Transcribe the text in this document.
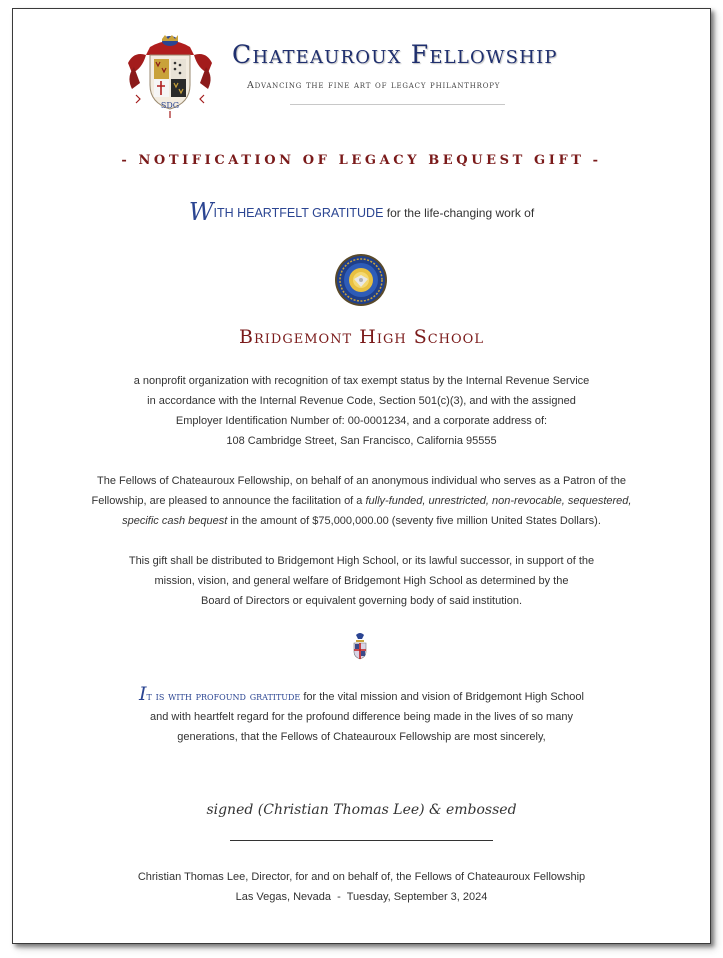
SDG
Chateauroux Fellowship
Advancing the fine art of legacy philanthropy
- NOTIFICATION OF LEGACY BEQUEST GIFT -
WITH HEARTFELT GRATITUDE for the life-changing work of
Bridgemont High School
a nonprofit organization with recognition of tax exempt status by the Internal Revenue Service
in accordance with the Internal Revenue Code, Section 501(c)(3), and with the assigned
Employer Identification Number of: 00-0001234, and a corporate address of:
108 Cambridge Street, San Francisco, California 95555
The Fellows of Chateauroux Fellowship, on behalf of an anonymous individual who serves as a Patron of the
Fellowship, are pleased to announce the facilitation of a fully-funded, unrestricted, non-revocable, sequestered,
specific cash bequest in the amount of $75,000,000.00 (seventy five million United States Dollars).
This gift shall be distributed to Bridgemont High School, or its lawful successor, in support of the
mission, vision, and general welfare of Bridgemont High School as determined by the
Board of Directors or equivalent governing body of said institution.
It is with profound gratitude for the vital mission and vision of Bridgemont High School
and with heartfelt regard for the profound difference being made in the lives of so many
generations, that the Fellows of Chateauroux Fellowship are most sincerely,
signed (Christian Thomas Lee) & embossed
Christian Thomas Lee, Director, for and on behalf of, the Fellows of Chateauroux Fellowship
Las Vegas, Nevada  -  Tuesday, September 3, 2024
